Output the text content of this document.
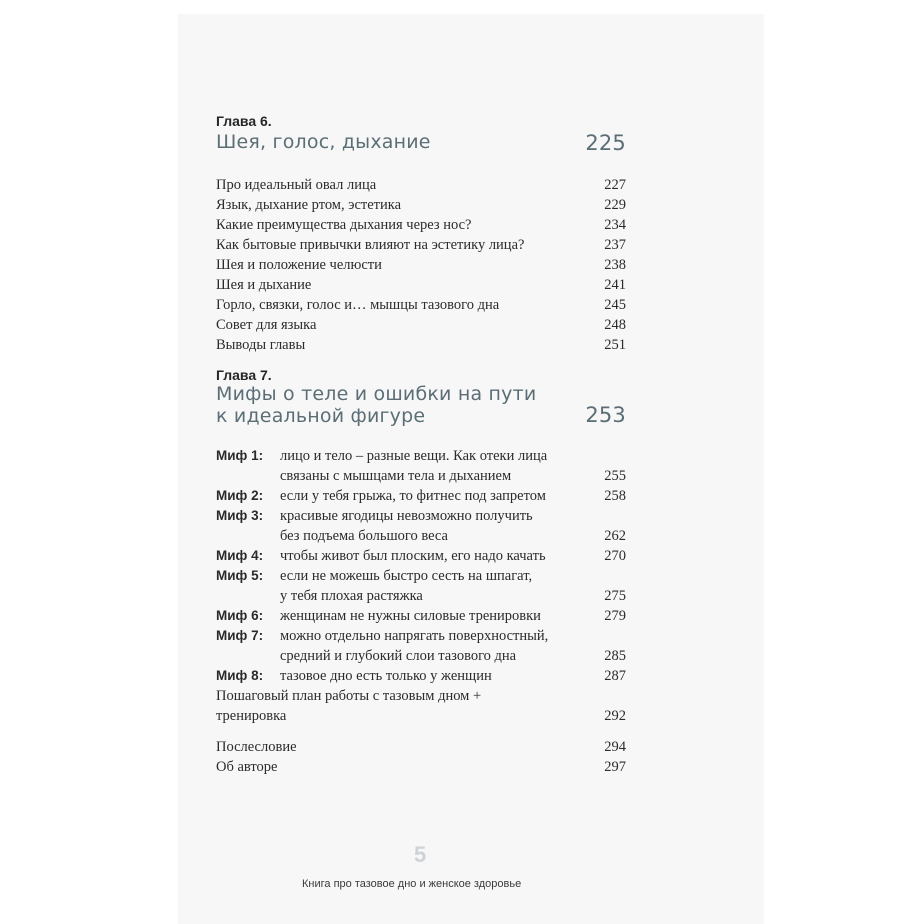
Глава 6.
Шея, голос, дыхание	225
Про идеальный овал лица	227
Язык, дыхание ртом, эстетика	229
Какие преимущества дыхания через нос?	234
Как бытовые привычки влияют на эстетику лица?	237
Шея и положение челюсти	238
Шея и дыхание	241
Горло, связки, голос и… мышцы тазового дна	245
Совет для языка	248
Выводы главы	251
Глава 7.
Мифы о теле и ошибки на пути
к идеальной фигуре	253
Миф 1: лицо и тело – разные вещи. Как отеки лица
связаны с мышцами тела и дыханием	255
Миф 2: если у тебя грыжа, то фитнес под запретом	258
Миф 3: красивые ягодицы невозможно получить
без подъема большого веса	262
Миф 4: чтобы живот был плоским, его надо качать	270
Миф 5: если не можешь быстро сесть на шпагат,
у тебя плохая растяжка	275
Миф 6: женщинам не нужны силовые тренировки	279
Миф 7: можно отдельно напрягать поверхностный,
средний и глубокий слои тазового дна	285
Миф 8: тазовое дно есть только у женщин	287
Пошаговый план работы с тазовым дном +
тренировка	292
Послесловие	294
Об авторе	297
5
Книга про тазовое дно и женское здоровье
